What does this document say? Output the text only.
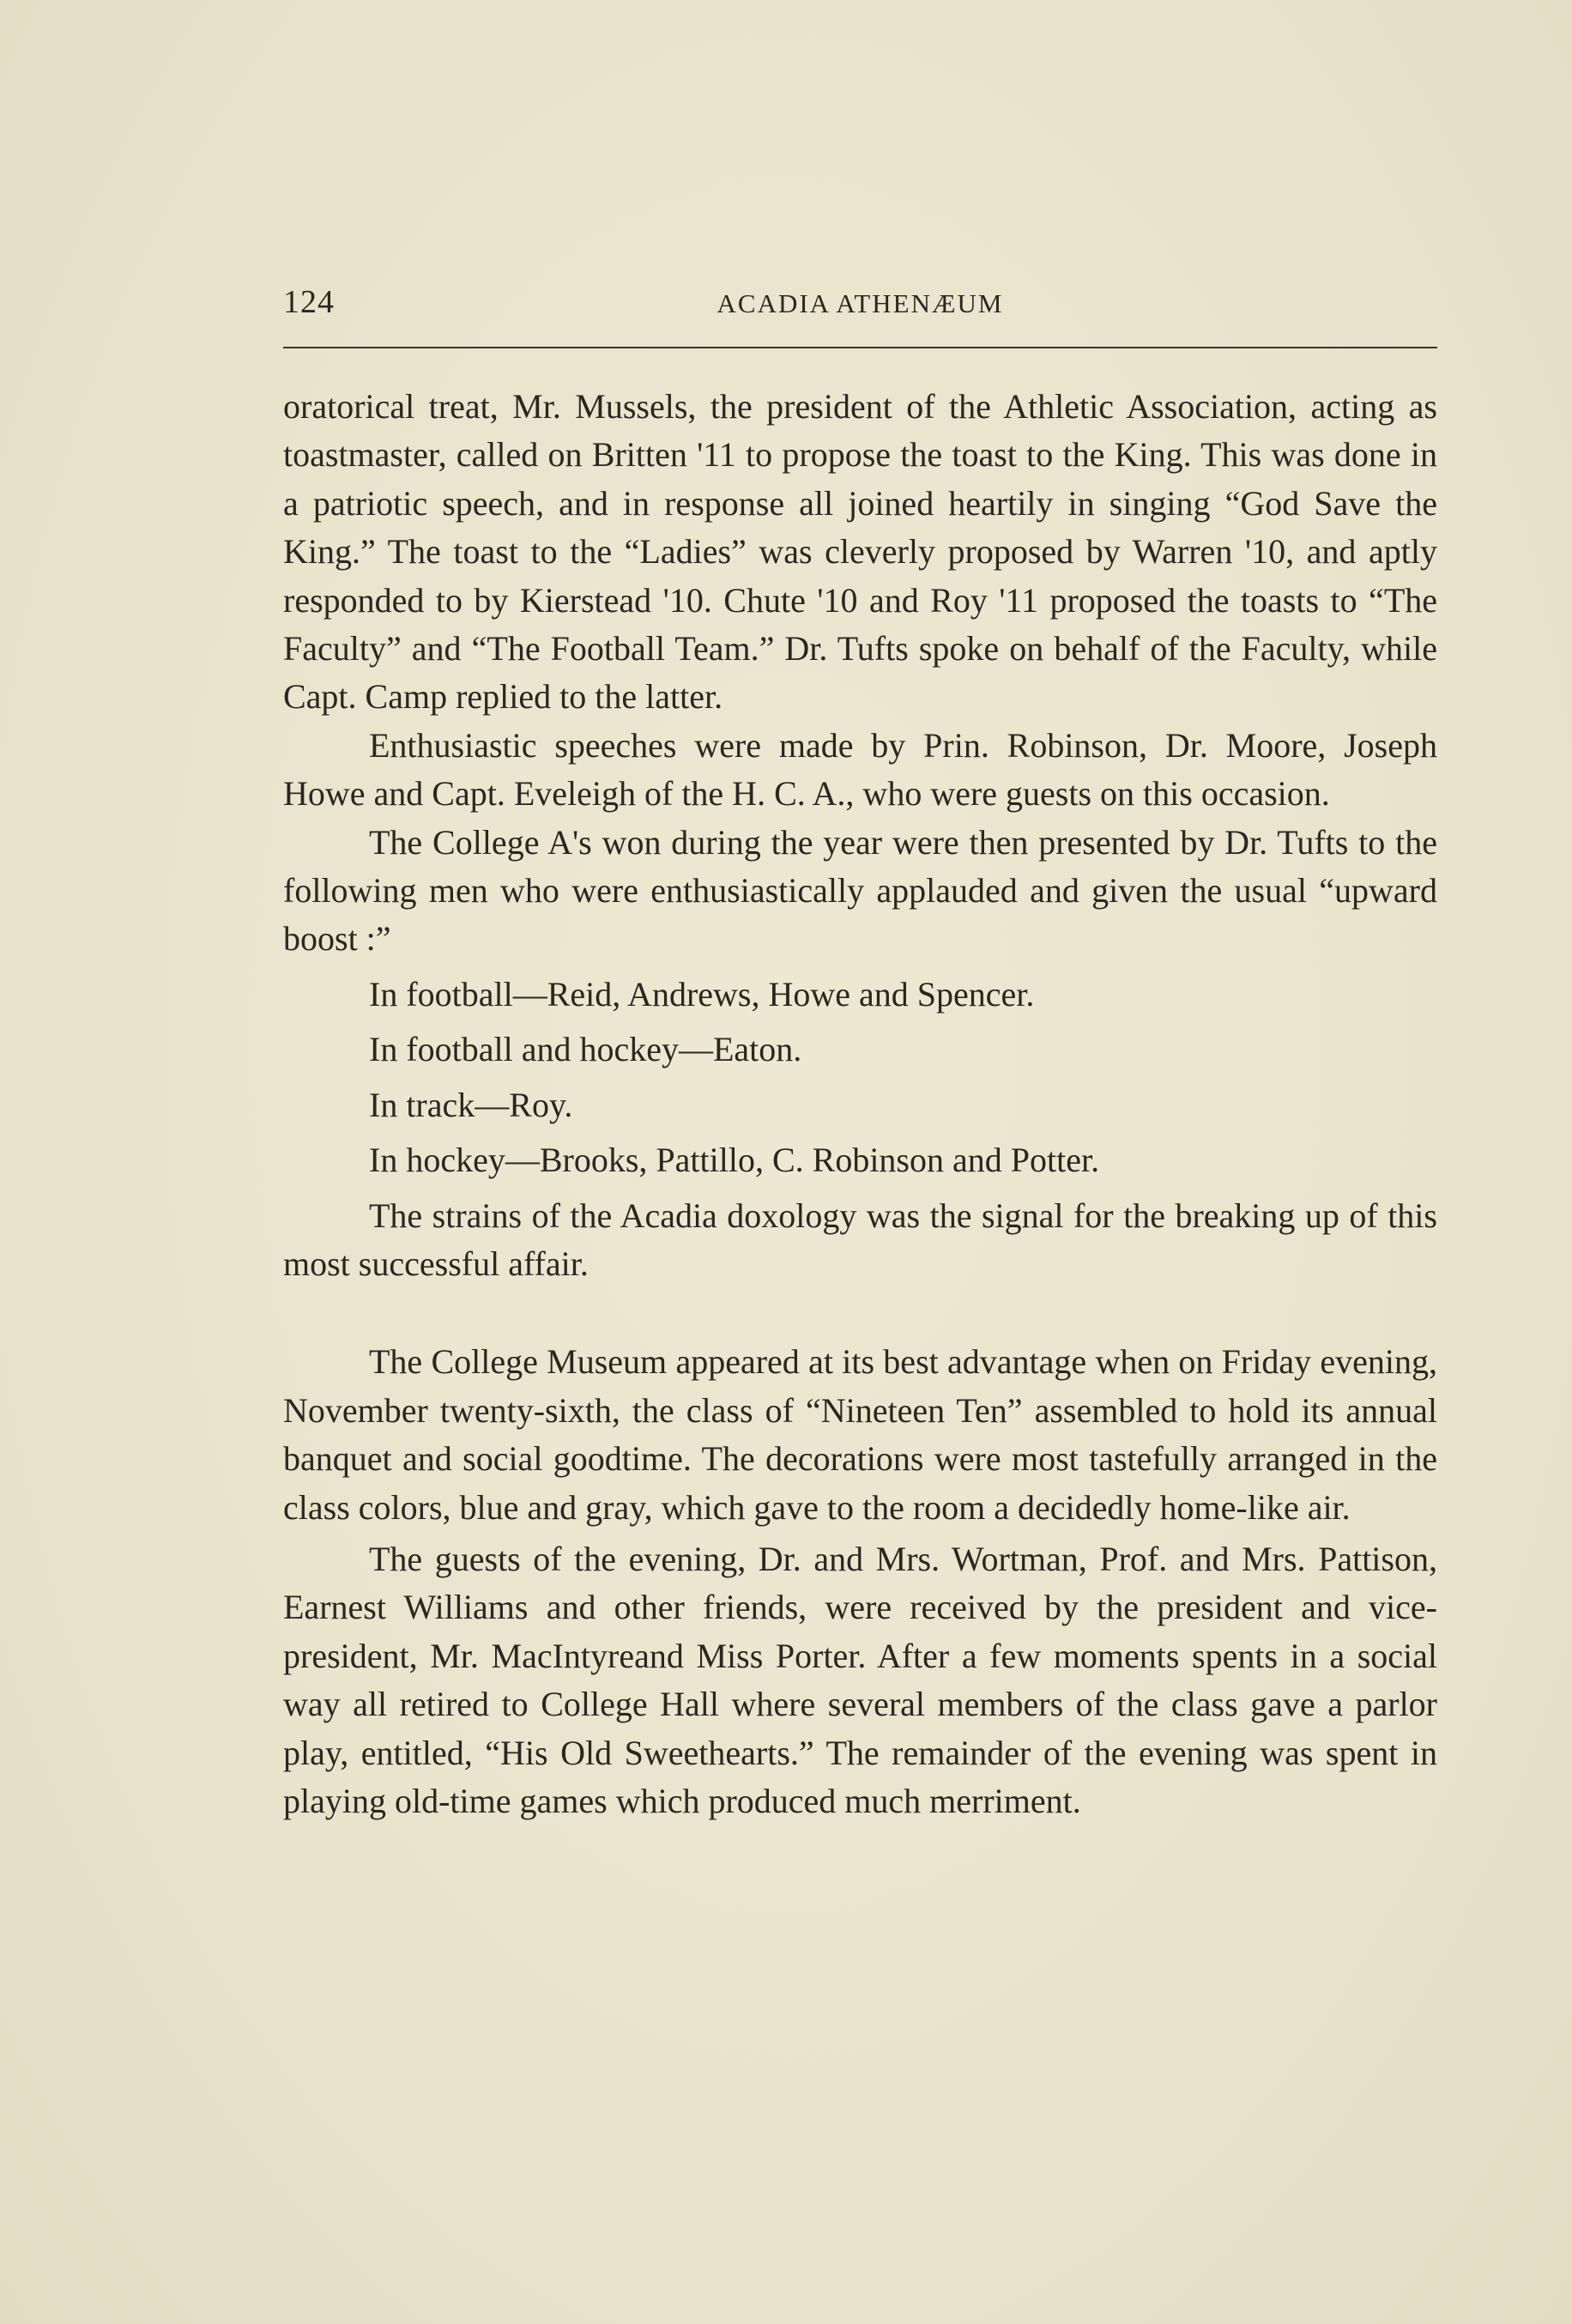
124	ACADIA ATHENÆUM

oratorical treat, Mr. Mussels, the president of the Athletic Association, acting as toastmaster, called on Britten '11 to propose the toast to the King. This was done in a patriotic speech, and in response all joined heartily in singing “God Save the King.” The toast to the “Ladies” was cleverly proposed by Warren '10, and aptly responded to by Kierstead '10. Chute '10 and Roy '11 proposed the toasts to “The Faculty” and “The Football Team.” Dr. Tufts spoke on behalf of the Faculty, while Capt. Camp replied to the latter.

Enthusiastic speeches were made by Prin. Robinson, Dr. Moore, Joseph Howe and Capt. Eveleigh of the H. C. A., who were guests on this occasion.

The College A's won during the year were then presented by Dr. Tufts to the following men who were enthusiastically applauded and given the usual “upward boost :”

In football—Reid, Andrews, Howe and Spencer.

In football and hockey—Eaton.

In track—Roy.

In hockey—Brooks, Pattillo, C. Robinson and Potter.

The strains of the Acadia doxology was the signal for the breaking up of this most successful affair.

The College Museum appeared at its best advantage when on Friday evening, November twenty-sixth, the class of “Nineteen Ten” assembled to hold its annual banquet and social goodtime. The decorations were most tastefully arranged in the class colors, blue and gray, which gave to the room a decidedly home-like air.

The guests of the evening, Dr. and Mrs. Wortman, Prof. and Mrs. Pattison, Earnest Williams and other friends, were received by the president and vice-president, Mr. MacIntyreand Miss Porter. After a few moments spents in a social way all retired to College Hall where several members of the class gave a parlor play, entitled, “His Old Sweethearts.” The remainder of the evening was spent in playing old-time games which produced much merriment.
